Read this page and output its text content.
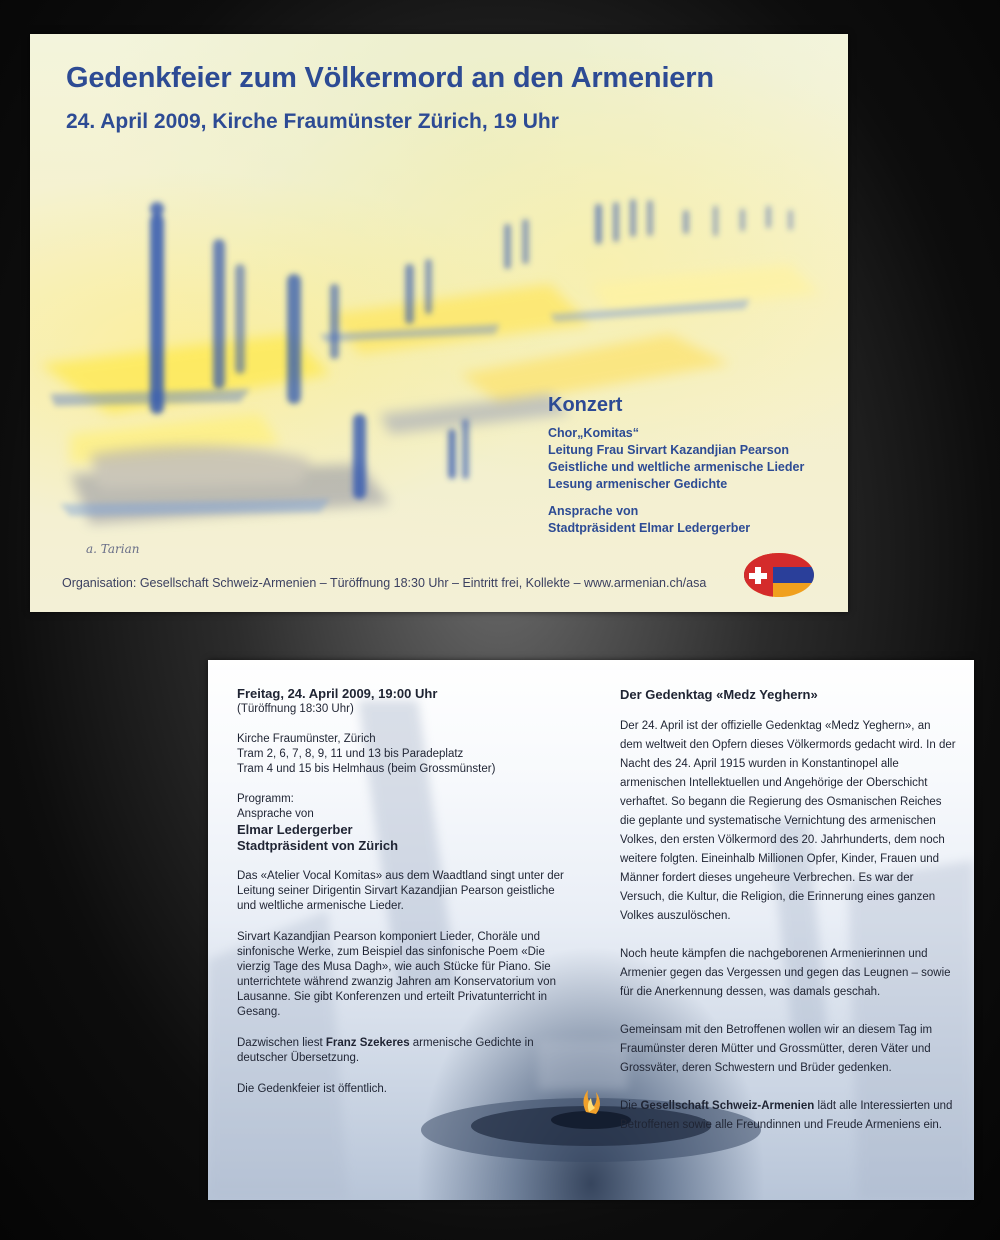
Gedenkfeier zum Völkermord an den Armeniern
24. April 2009, Kirche Fraumünster Zürich, 19 Uhr
Konzert
Chor„Komitas“
Leitung Frau Sirvart Kazandjian Pearson
Geistliche und weltliche armenische Lieder
Lesung armenischer Gedichte
Ansprache von
Stadtpräsident Elmar Ledergerber
a. Tarian
Organisation: Gesellschaft Schweiz-Armenien – Türöffnung 18:30 Uhr – Eintritt frei, Kollekte – www.armenian.ch/asa
Freitag, 24. April 2009, 19:00 Uhr
(Türöffnung 18:30 Uhr)
Kirche Fraumünster, Zürich
Tram 2, 6, 7, 8, 9, 11 und 13 bis Paradeplatz
Tram 4 und 15 bis Helmhaus (beim Grossmünster)
Programm:
Ansprache von
Elmar Ledergerber
Stadtpräsident von Zürich

Das «Atelier Vocal Komitas» aus dem Waadtland singt unter der Leitung seiner Dirigentin Sirvart Kazandjian Pearson geistliche und weltliche armenische Lieder.

Sirvart Kazandjian Pearson komponiert Lieder, Choräle und sinfonische Werke, zum Beispiel das sinfonische Poem «Die vierzig Tage des Musa Dagh», wie auch Stücke für Piano. Sie unterrichtete während zwanzig Jahren am Konservatorium von Lausanne. Sie gibt Konferenzen und erteilt Privatunterricht in Gesang.

Dazwischen liest Franz Szekeres armenische Gedichte in deutscher Übersetzung.

Die Gedenkfeier ist öffentlich.

Der Gedenktag «Medz Yeghern»

Der 24. April ist der offizielle Gedenktag «Medz Yeghern», an dem weltweit den Opfern dieses Völkermords gedacht wird. In der Nacht des 24. April 1915 wurden in Konstantinopel alle armenischen Intellektuellen und Angehörige der Oberschicht verhaftet. So begann die Regierung des Osmanischen Reiches die geplante und systematische Vernichtung des armenischen Volkes, den ersten Völkermord des 20. Jahrhunderts, dem noch weitere folgten. Eineinhalb Millionen Opfer, Kinder, Frauen und Männer fordert dieses ungeheure Verbrechen. Es war der Versuch, die Kultur, die Religion, die Erinnerung eines ganzen Volkes auszulöschen.

Noch heute kämpfen die nachgeborenen Armenierinnen und Armenier gegen das Vergessen und gegen das Leugnen – sowie für die Anerkennung dessen, was damals geschah.

Gemeinsam mit den Betroffenen wollen wir an diesem Tag im Fraumünster deren Mütter und Grossmütter, deren Väter und Grossväter, deren Schwestern und Brüder gedenken.

Die Gesellschaft Schweiz-Armenien lädt alle Interessierten und Betroffenen sowie alle Freundinnen und Freude Armeniens ein.
